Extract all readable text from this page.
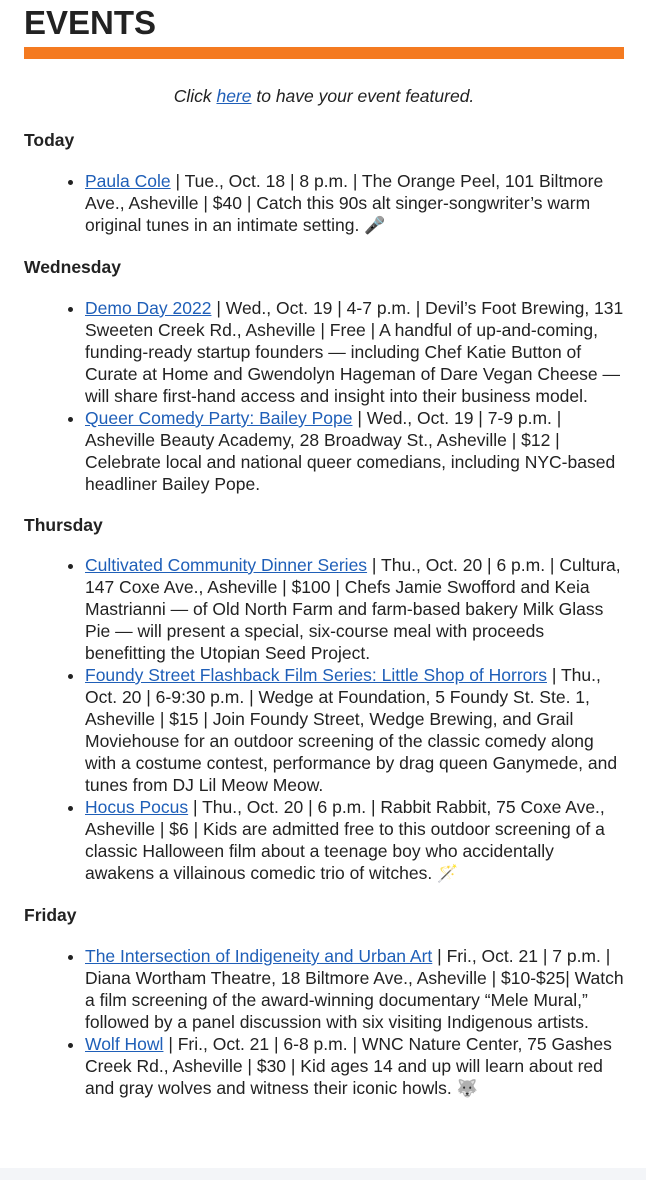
EVENTS

Click here to have your event featured.

Today
• Paula Cole | Tue., Oct. 18 | 8 p.m. | The Orange Peel, 101 Biltmore Ave., Asheville | $40 | Catch this 90s alt singer-songwriter’s warm original tunes in an intimate setting. 🎤
Wednesday
• Demo Day 2022 | Wed., Oct. 19 | 4-7 p.m. | Devil’s Foot Brewing, 131 Sweeten Creek Rd., Asheville | Free | A handful of up-and-coming, funding-ready startup founders — including Chef Katie Button of Curate at Home and Gwendolyn Hageman of Dare Vegan Cheese — will share first-hand access and insight into their business model.
• Queer Comedy Party: Bailey Pope | Wed., Oct. 19 | 7-9 p.m. | Asheville Beauty Academy, 28 Broadway St., Asheville | $12 | Celebrate local and national queer comedians, including NYC-based headliner Bailey Pope.
Thursday
• Cultivated Community Dinner Series | Thu., Oct. 20 | 6 p.m. | Cultura, 147 Coxe Ave., Asheville | $100 | Chefs Jamie Swofford and Keia Mastrianni — of Old North Farm and farm-based bakery Milk Glass Pie — will present a special, six-course meal with proceeds benefitting the Utopian Seed Project.
• Foundy Street Flashback Film Series: Little Shop of Horrors | Thu., Oct. 20 | 6-9:30 p.m. | Wedge at Foundation, 5 Foundy St. Ste. 1, Asheville | $15 | Join Foundy Street, Wedge Brewing, and Grail Moviehouse for an outdoor screening of the classic comedy along with a costume contest, performance by drag queen Ganymede, and tunes from DJ Lil Meow Meow.
• Hocus Pocus | Thu., Oct. 20 | 6 p.m. | Rabbit Rabbit, 75 Coxe Ave., Asheville | $6 | Kids are admitted free to this outdoor screening of a classic Halloween film about a teenage boy who accidentally awakens a villainous comedic trio of witches. 🪄
Friday
• The Intersection of Indigeneity and Urban Art | Fri., Oct. 21 | 7 p.m. | Diana Wortham Theatre, 18 Biltmore Ave., Asheville | $10-$25| Watch a film screening of the award-winning documentary “Mele Mural,” followed by a panel discussion with six visiting Indigenous artists.
• Wolf Howl | Fri., Oct. 21 | 6-8 p.m. | WNC Nature Center, 75 Gashes Creek Rd., Asheville | $30 | Kid ages 14 and up will learn about red and gray wolves and witness their iconic howls. 🐺
